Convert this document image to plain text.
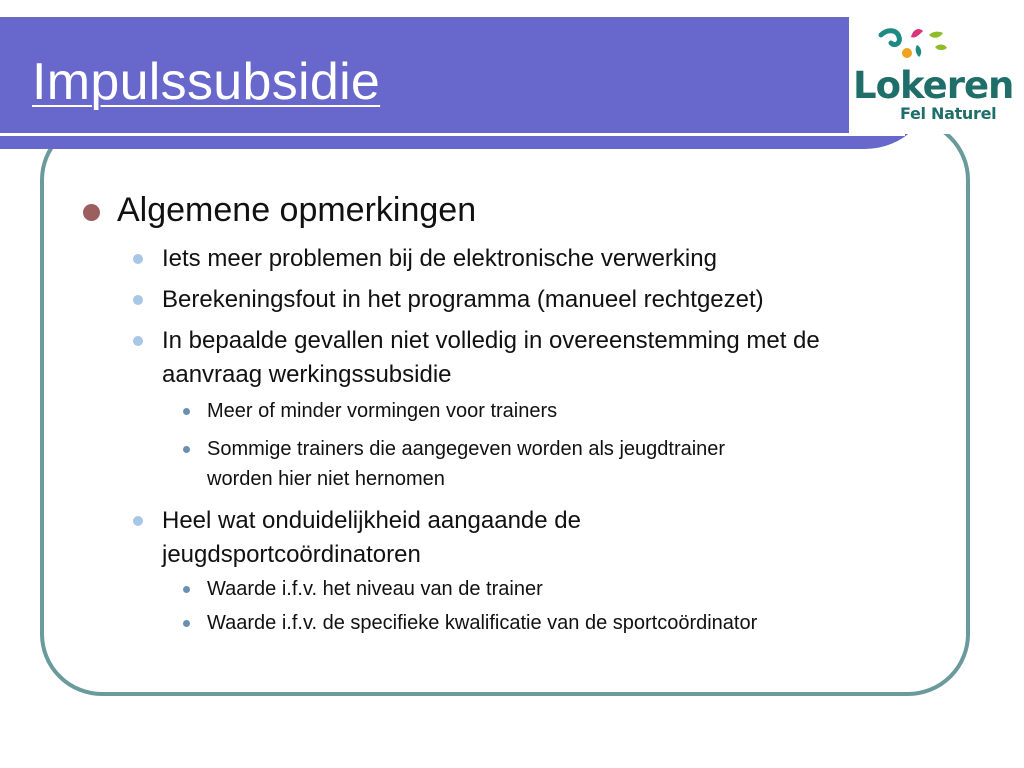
Impulssubsidie	Lokeren
Fel Naturel
Algemene opmerkingen
Iets meer problemen bij de elektronische verwerking
Berekeningsfout in het programma (manueel rechtgezet)
In bepaalde gevallen niet volledig in overeenstemming met de
aanvraag werkingssubsidie
Meer of minder vormingen voor trainers
Sommige trainers die aangegeven worden als jeugdtrainer
worden hier niet hernomen
Heel wat onduidelijkheid aangaande de
jeugdsportcoördinatoren
Waarde i.f.v. het niveau van de trainer
Waarde i.f.v. de specifieke kwalificatie van de sportcoördinator
